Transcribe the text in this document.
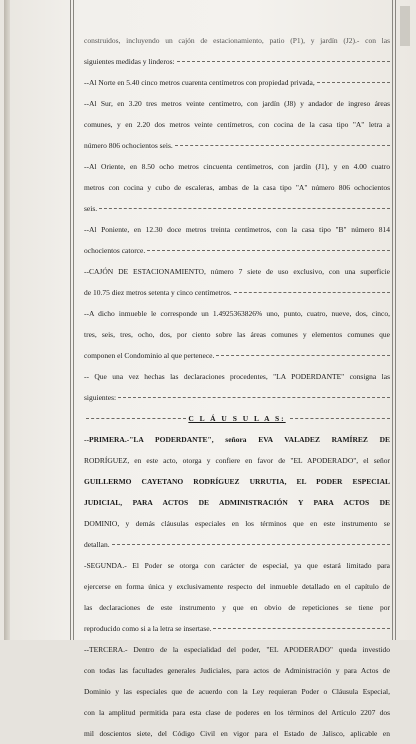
construidos, incluyendo un cajón de estacionamiento, patio (P1), y jardín (J2).- con las
siguientes medidas y linderos:
--Al Norte en 5.40 cinco metros cuarenta centímetros con propiedad privada,
--Al Sur, en 3.20 tres metros veinte centímetro, con jardín (J8) y andador de ingreso áreas
comunes, y en 2.20 dos metros veinte centímetros, con cocina de la casa tipo "A" letra a
número 806 ochocientos seis.
--Al Oriente, en 8.50 ocho metros cincuenta centímetros, con jardín (J1), y en 4.00 cuatro
metros con cocina y cubo de escaleras, ambas de la casa tipo "A" número 806 ochocientos
seis.
--Al Poniente, en 12.30 doce metros treinta centímetros, con la casa tipo "B" número 814
ochocientos catorce.
--CAJÓN DE ESTACIONAMIENTO, número 7 siete de uso exclusivo, con una superficie
de 10.75 diez metros setenta y cinco centímetros.
--A dicho inmueble le corresponde un 1.4925363826% uno, punto, cuatro, nueve, dos, cinco,
tres, seis, tres, ocho, dos, por ciento sobre las áreas comunes y elementos comunes que
componen el Condominio al que pertenece.
-- Que una vez hechas las declaraciones procedentes, "LA PODERDANTE" consigna las
siguientes:
C L Á U S U L A S:
--PRIMERA.-"LA PODERDANTE", señora EVA VALADEZ RAMÍREZ DE
RODRÍGUEZ, en este acto, otorga y confiere en favor de "EL APODERADO", el señor
GUILLERMO CAYETANO RODRÍGUEZ URRUTIA, EL PODER ESPECIAL
JUDICIAL, PARA ACTOS DE ADMINISTRACIÓN Y PARA ACTOS DE
DOMINIO, y demás cláusulas especiales en los términos que en este instrumento se
detallan.
-SEGUNDA.- El Poder se otorga con carácter de especial, ya que estará limitado para
ejercerse en forma única y exclusivamente respecto del inmueble detallado en el capítulo de
las declaraciones de este instrumento y que en obvio de repeticiones se tiene por
reproducido como si a la letra se insertase.
--TERCERA.- Dentro de la especialidad del poder, "EL APODERADO" queda investido
con todas las facultades generales Judiciales, para actos de Administración y para Actos de
Dominio y las especiales que de acuerdo con la Ley requieran Poder o Cláusula Especial,
con la amplitud permitida para esta clase de poderes en los términos del Artículo 2207 dos
mil doscientos siete, del Código Civil en vigor para el Estado de Jalisco, aplicable en
